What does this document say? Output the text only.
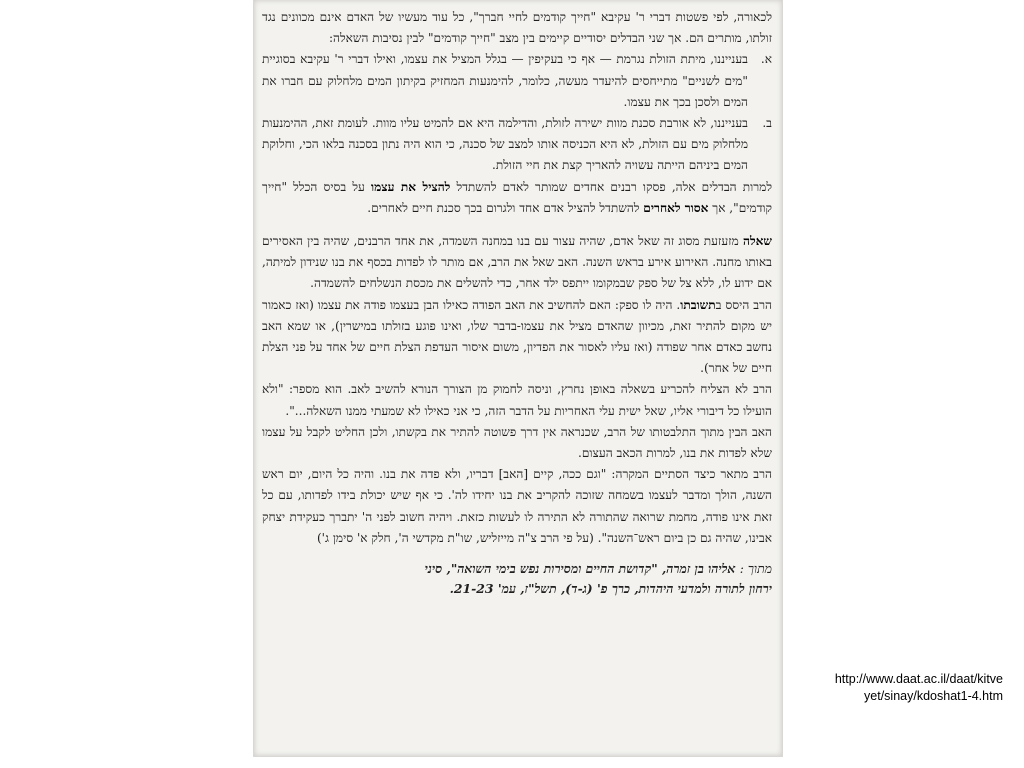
לכאורה, לפי פשטות דברי ר' עקיבא "חייך קודמים לחיי חברך", כל עוד מעשיו של האדם אינם מכוונים נגד זולתו, מותרים הם. אך שני הבדלים יסודיים קיימים בין מצב "חייך קודמים" לבין נסיבות השאלה:

א.
בענייננו, מיתת הזולת נגרמת — אף כי בעקיפין — בגלל המציל את עצמו, ואילו דברי ר' עקיבא בסוגיית "מים לשניים" מתייחסים להיעדר מעשה, כלומר, להימנעות המחזיק בקיתון המים מלחלוק עם חברו את המים ולסכן בכך את עצמו.
ב.
בענייננו, לא אורבת סכנת מוות ישירה לזולת, והדילמה היא אם להמיט עליו מוות. לעומת זאת, ההימנעות מלחלוק מים עם הזולת, לא היא הכניסה אותו למצב של סכנה, כי הוא היה נתון בסכנה בלאו הכי, וחלוקת המים ביניהם הייתה עשויה להאריך קצת את חיי הזולת.

למרות הבדלים אלה, פסקו רבנים אחדים שמותר לאדם להשתדל להציל את עצמו על בסיס הכלל "חייך קודמים", אך אסור לאחרים להשתדל להציל אדם אחד ולגרום בכך סכנת חיים לאחרים.

שאלה מזעזעת מסוג זה שאל אדם, שהיה עצור עם בנו במחנה השמדה, את אחד הרבנים, שהיה בין האסירים באותו מחנה. האירוע אירע בראש השנה. האב שאל את הרב, אם מותר לו לפדות בכסף את בנו שנידון למיתה, אם ידוע לו, ללא צל של ספק שבמקומו ייתפס ילד אחר, כדי להשלים את מכסת הנשלחים להשמדה.

הרב היסס בתשובתו. היה לו ספק: האם להחשיב את האב הפודה כאילו הבן בעצמו פודה את עצמו (ואז כאמור יש מקום להתיר זאת, מכיוון שהאדם מציל את עצמו-בדבר שלו, ואינו פוגע בזולתו במישרין), או שמא האב נחשב כאדם אחר שפודה (ואז עליו לאסור את הפדיון, משום איסור העדפת הצלת חיים של אחד על פני הצלת חיים של אחר).

הרב לא הצליח להכריע בשאלה באופן נחרץ, וניסה לחמוק מן הצורך הנורא להשיב לאב. הוא מספר: "ולא הועילו כל דיבורי אליו, שאל ישית עלי האחריות על הדבר הזה, כי אני כאילו לא שמעתי ממנו השאלה...".

האב הבין מתוך התלבטותו של הרב, שכנראה אין דרך פשוטה להתיר את בקשתו, ולכן החליט לקבל על עצמו שלא לפדות את בנו, למרות הכאב העצום.

הרב מתאר כיצד הסתיים המקרה: "וגם ככה, קיים [האב] דבריו, ולא פדה את בנו. והיה כל היום, יום ראש השנה, הולך ומדבר לעצמו בשמחה שזוכה להקריב את בנו יחידו לה'. כי אף שיש יכולת בידו לפדותו, עם כל זאת אינו פודה, מחמת שרואה שהתורה לא התירה לו לעשות כזאת. ויהיה חשוב לפני ה' יתברך כעקידת יצחק אבינו, שהיה גם כן ביום ראש־השנה". (על פי הרב צ"ה מייזליש, שו"ת מקדשי ה', חלק א' סימן ג')

מתוך : אליהו בן זמרה, "קדושת החיים ומסירות נפש בימי השואה", סיני
ירחון לתורה ולמדעי היהדות, כרך פ' (ג-ד), תשל"ז, עמ' 21-23.
http://www.daat.ac.il/daat/kitve
yet/sinay/kdoshat1-4.htm
